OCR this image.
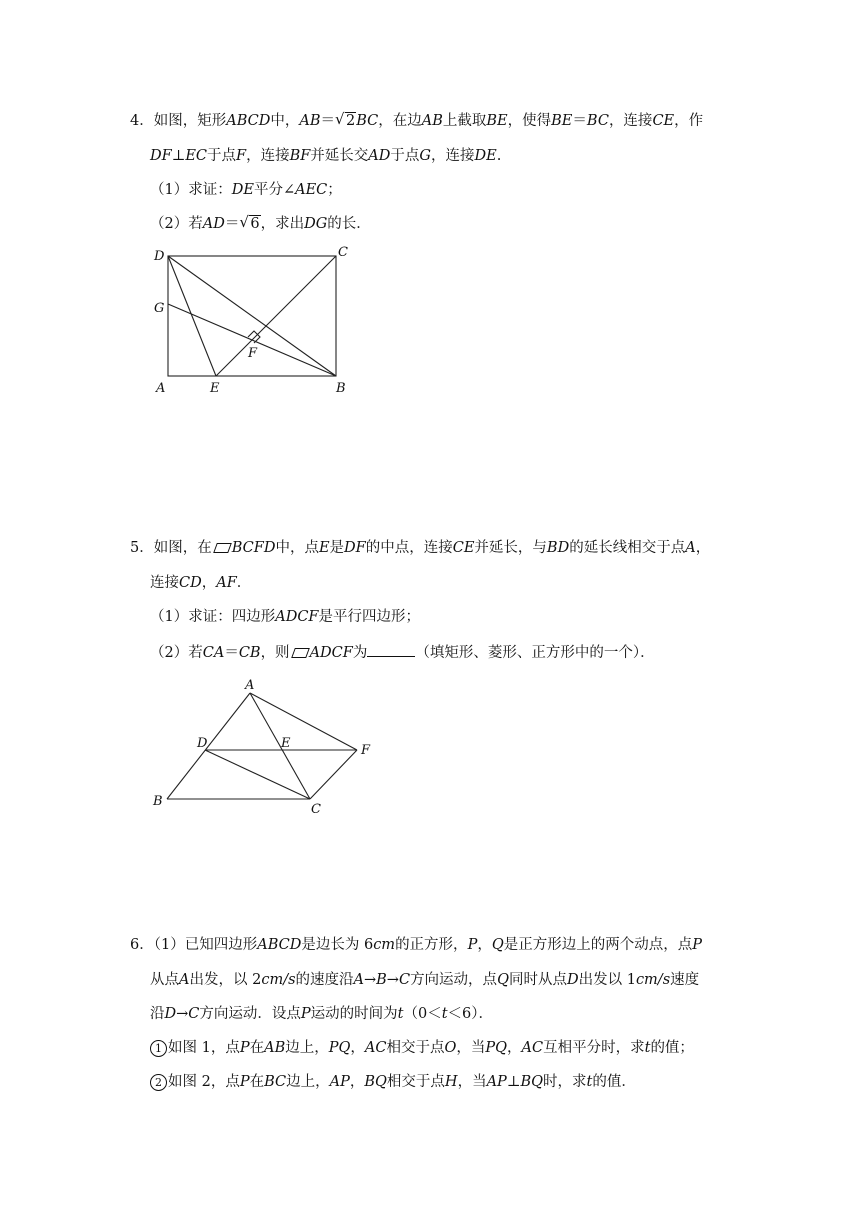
4．如图，矩形ABCD中，AB＝ √ 2BC，在边AB上截取BE，使得BE＝BC，连接CE，作
DF⊥EC于点F，连接BF并延长交AD于点G，连接DE.
（1）求证：DE平分∠AEC；
（2）若AD＝ √ 6，求出DG的长．
D	C
G
F
A	E	B
5．如图，在 BCFD中，点E是DF的中点，连接CE并延长，与BD的延长线相交于点A，
连接CD，AF．
（1）求证：四边形ADCF是平行四边形；
（2）若CA＝CB，则 ADCF为	（填矩形、菱形、正方形中的一个）．
A
D	E	F
B
C
6．（1）已知四边形ABCD是边长为 6cm的正方形，P，Q是正方形边上的两个动点，点P
从点A出发，以 2cm/s的速度沿A→B→C方向运动，点Q同时从点D出发以 1cm/s速度
沿D→C方向运动．设点P运动的时间为t（0＜t＜6）．
1 如图 1，点P在AB边上，PQ，AC相交于点O，当PQ，AC互相平分时，求t的值；
2 如图 2，点P在BC边上，AP，BQ相交于点H，当AP⊥BQ时，求t的值．
